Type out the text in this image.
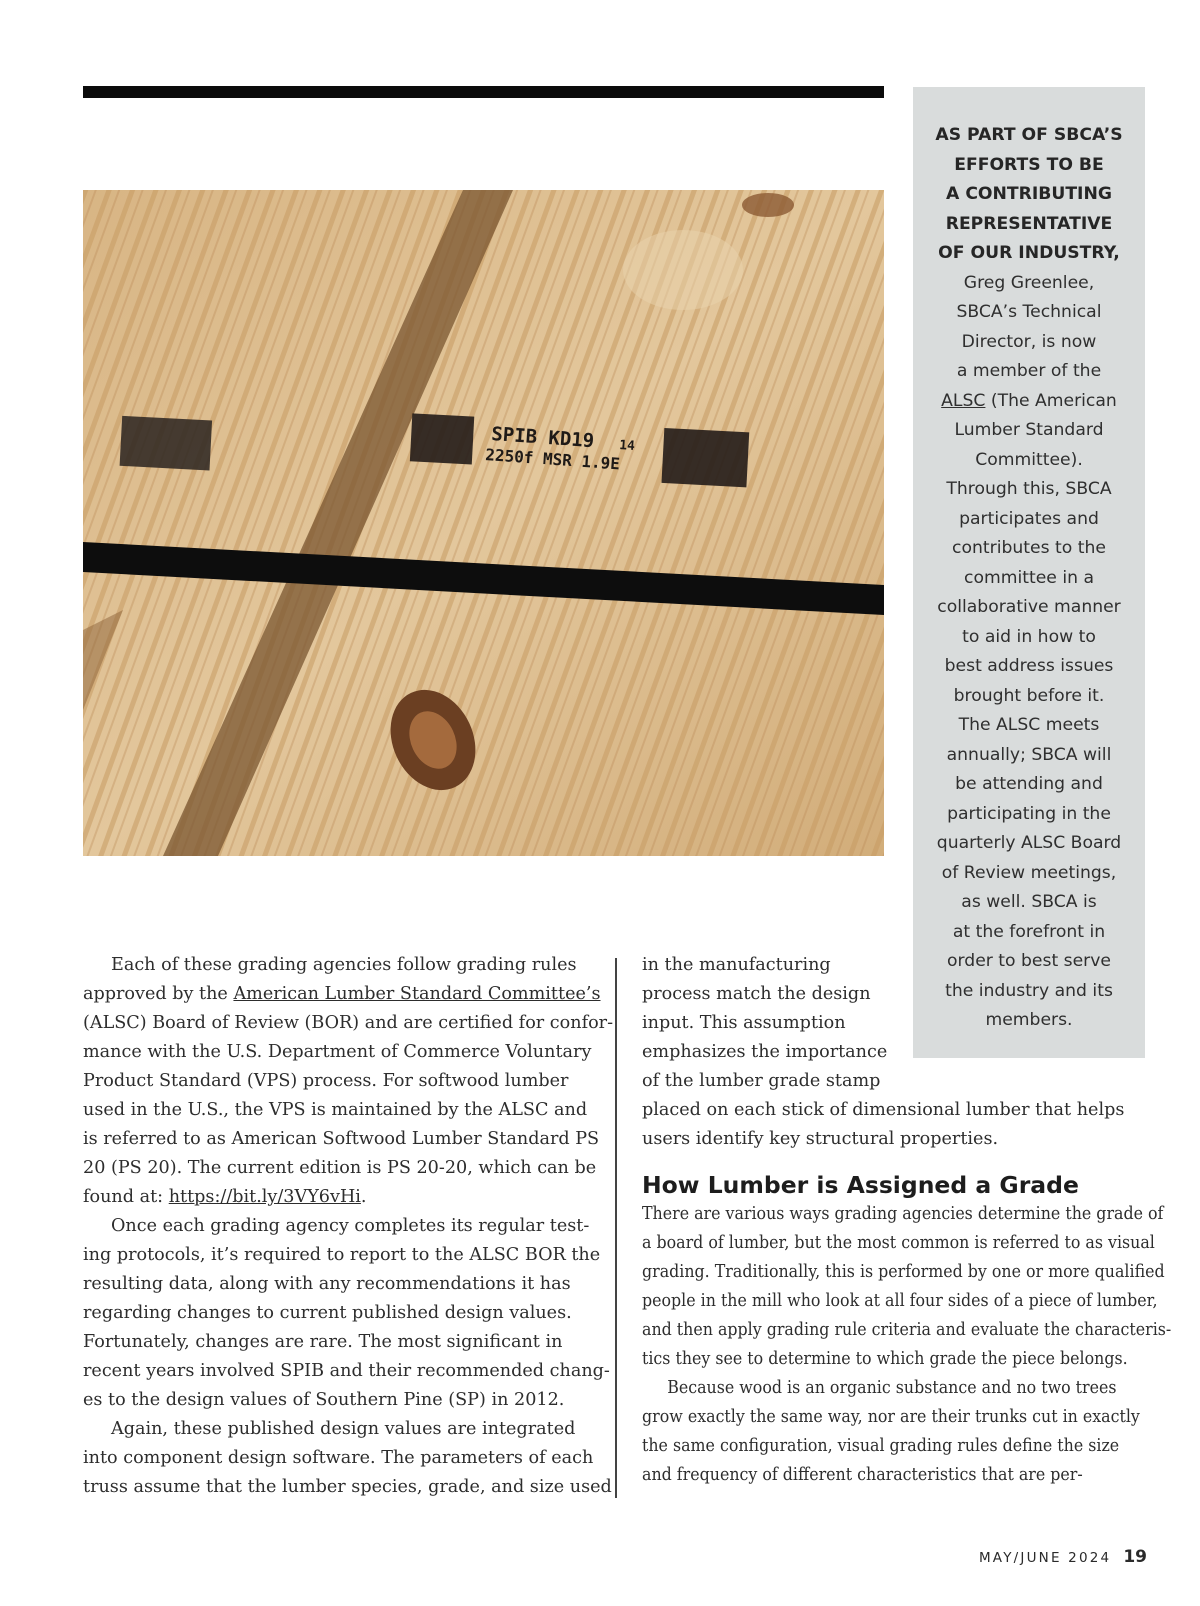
SPIB KD19 14
2250f MSR 1.9E
AS PART OF SBCA’S
EFFORTS TO BE
A CONTRIBUTING
REPRESENTATIVE
OF OUR INDUSTRY,
Greg Greenlee,
SBCA’s Technical
Director, is now
a member of the
ALSC (The American
Lumber Standard
Committee).
Through this, SBCA
participates and
contributes to the
committee in a
collaborative manner
to aid in how to
best address issues
brought before it.
The ALSC meets
annually; SBCA will
be attending and
participating in the
quarterly ALSC Board
of Review meetings,
as well. SBCA is
at the forefront in
order to best serve
the industry and its
members.
Each of these grading agencies follow grading rules
approved by the American Lumber Standard Committee’s
(ALSC) Board of Review (BOR) and are certified for confor-
mance with the U.S. Department of Commerce Voluntary
Product Standard (VPS) process. For softwood lumber
used in the U.S., the VPS is maintained by the ALSC and
is referred to as American Softwood Lumber Standard PS
20 (PS 20). The current edition is PS 20-20, which can be
found at: https://bit.ly/3VY6vHi.
Once each grading agency completes its regular test-
ing protocols, it’s required to report to the ALSC BOR the
resulting data, along with any recommendations it has
regarding changes to current published design values.
Fortunately, changes are rare. The most significant in
recent years involved SPIB and their recommended chang-
es to the design values of Southern Pine (SP) in 2012.
Again, these published design values are integrated
into component design software. The parameters of each
truss assume that the lumber species, grade, and size used
in the manufacturing
process match the design
input. This assumption
emphasizes the importance
of the lumber grade stamp
placed on each stick of dimensional lumber that helps
users identify key structural properties.
How Lumber is Assigned a Grade
There are various ways grading agencies determine the grade of
a board of lumber, but the most common is referred to as visual
grading. Traditionally, this is performed by one or more qualified
people in the mill who look at all four sides of a piece of lumber,
and then apply grading rule criteria and evaluate the characteris-
tics they see to determine to which grade the piece belongs.
Because wood is an organic substance and no two trees
grow exactly the same way, nor are their trunks cut in exactly
the same configuration, visual grading rules define the size
and frequency of different characteristics that are per-
MAY/JUNE 2024 19
